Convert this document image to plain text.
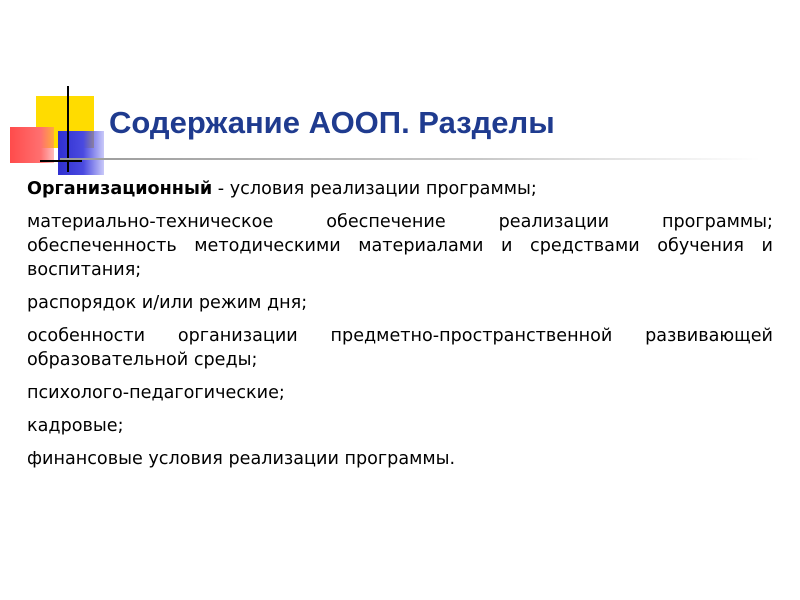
Содержание АООП. Разделы

Организационный - условия реализации программы;

материально-техническое обеспечение реализации программы; обеспеченность методическими материалами и средствами обучения и воспитания;

распорядок и/или режим дня;

особенности организации предметно-пространственной развивающей образовательной среды;

психолого-педагогические;

кадровые;

финансовые условия реализации программы.
